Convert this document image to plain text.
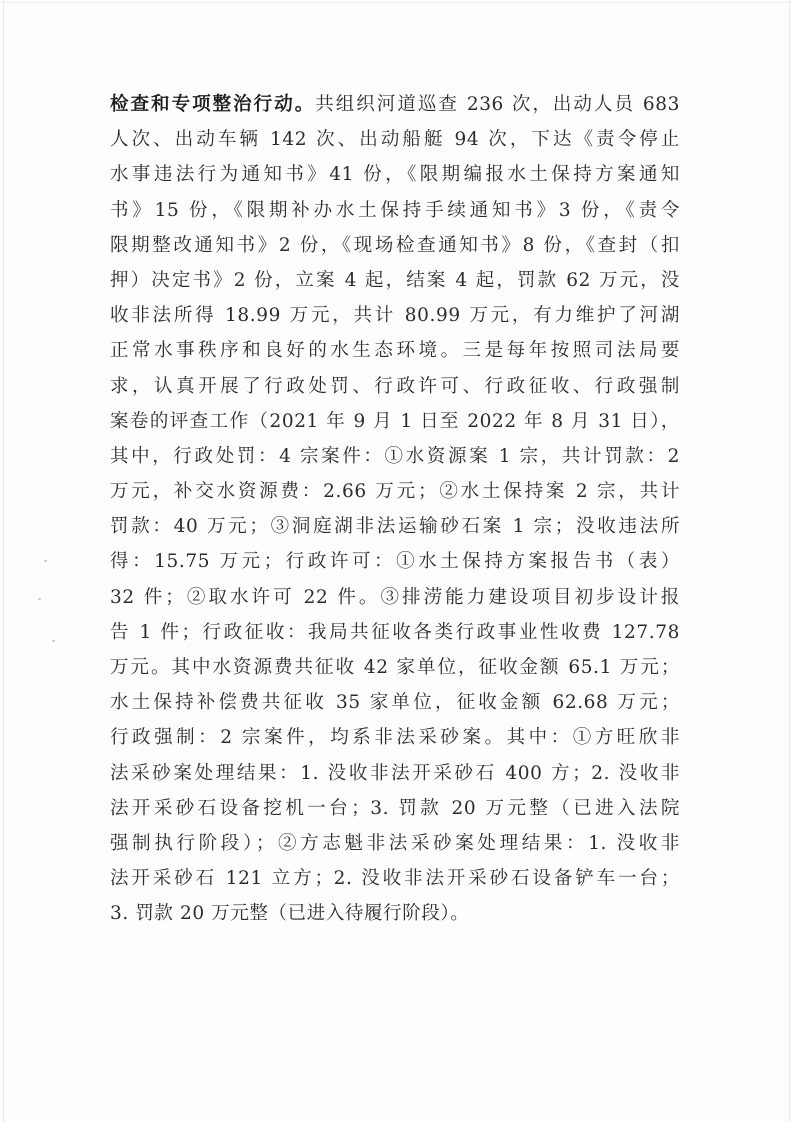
检查和专项整治行动。共组织河道巡查 236 次，出动人员 683
人次、出动车辆 142 次、出动船艇 94 次，下达《责令停止
水事违法行为通知书》41 份，《限期编报水土保持方案通知
书》15 份，《限期补办水土保持手续通知书》3 份，《责令
限期整改通知书》2 份，《现场检查通知书》8 份，《查封（扣
押）决定书》2 份，立案 4 起，结案 4 起，罚款 62 万元，没
收非法所得 18.99 万元，共计 80.99 万元，有力维护了河湖
正常水事秩序和良好的水生态环境。三是每年按照司法局要
求，认真开展了行政处罚、行政许可、行政征收、行政强制
案卷的评查工作（2021 年 9 月 1 日至 2022 年 8 月 31 日），
其中，行政处罚：4 宗案件：①水资源案 1 宗，共计罚款：2
万元，补交水资源费：2.66 万元；②水土保持案 2 宗，共计
罚款：40 万元；③洞庭湖非法运输砂石案 1 宗；没收违法所
得：15.75 万元；行政许可：①水土保持方案报告书（表）
32 件；②取水许可 22 件。③排涝能力建设项目初步设计报
告 1 件；行政征收：我局共征收各类行政事业性收费 127.78
万元。其中水资源费共征收 42 家单位，征收金额 65.1 万元；
水土保持补偿费共征收 35 家单位，征收金额 62.68 万元；
行政强制：2 宗案件，均系非法采砂案。其中：①方旺欣非
法采砂案处理结果：1. 没收非法开采砂石 400 方；2. 没收非
法开采砂石设备挖机一台；3. 罚款 20 万元整（已进入法院
强制执行阶段）；②方志魁非法采砂案处理结果：1. 没收非
法开采砂石 121 立方；2. 没收非法开采砂石设备铲车一台；
3. 罚款 20 万元整（已进入待履行阶段）。
